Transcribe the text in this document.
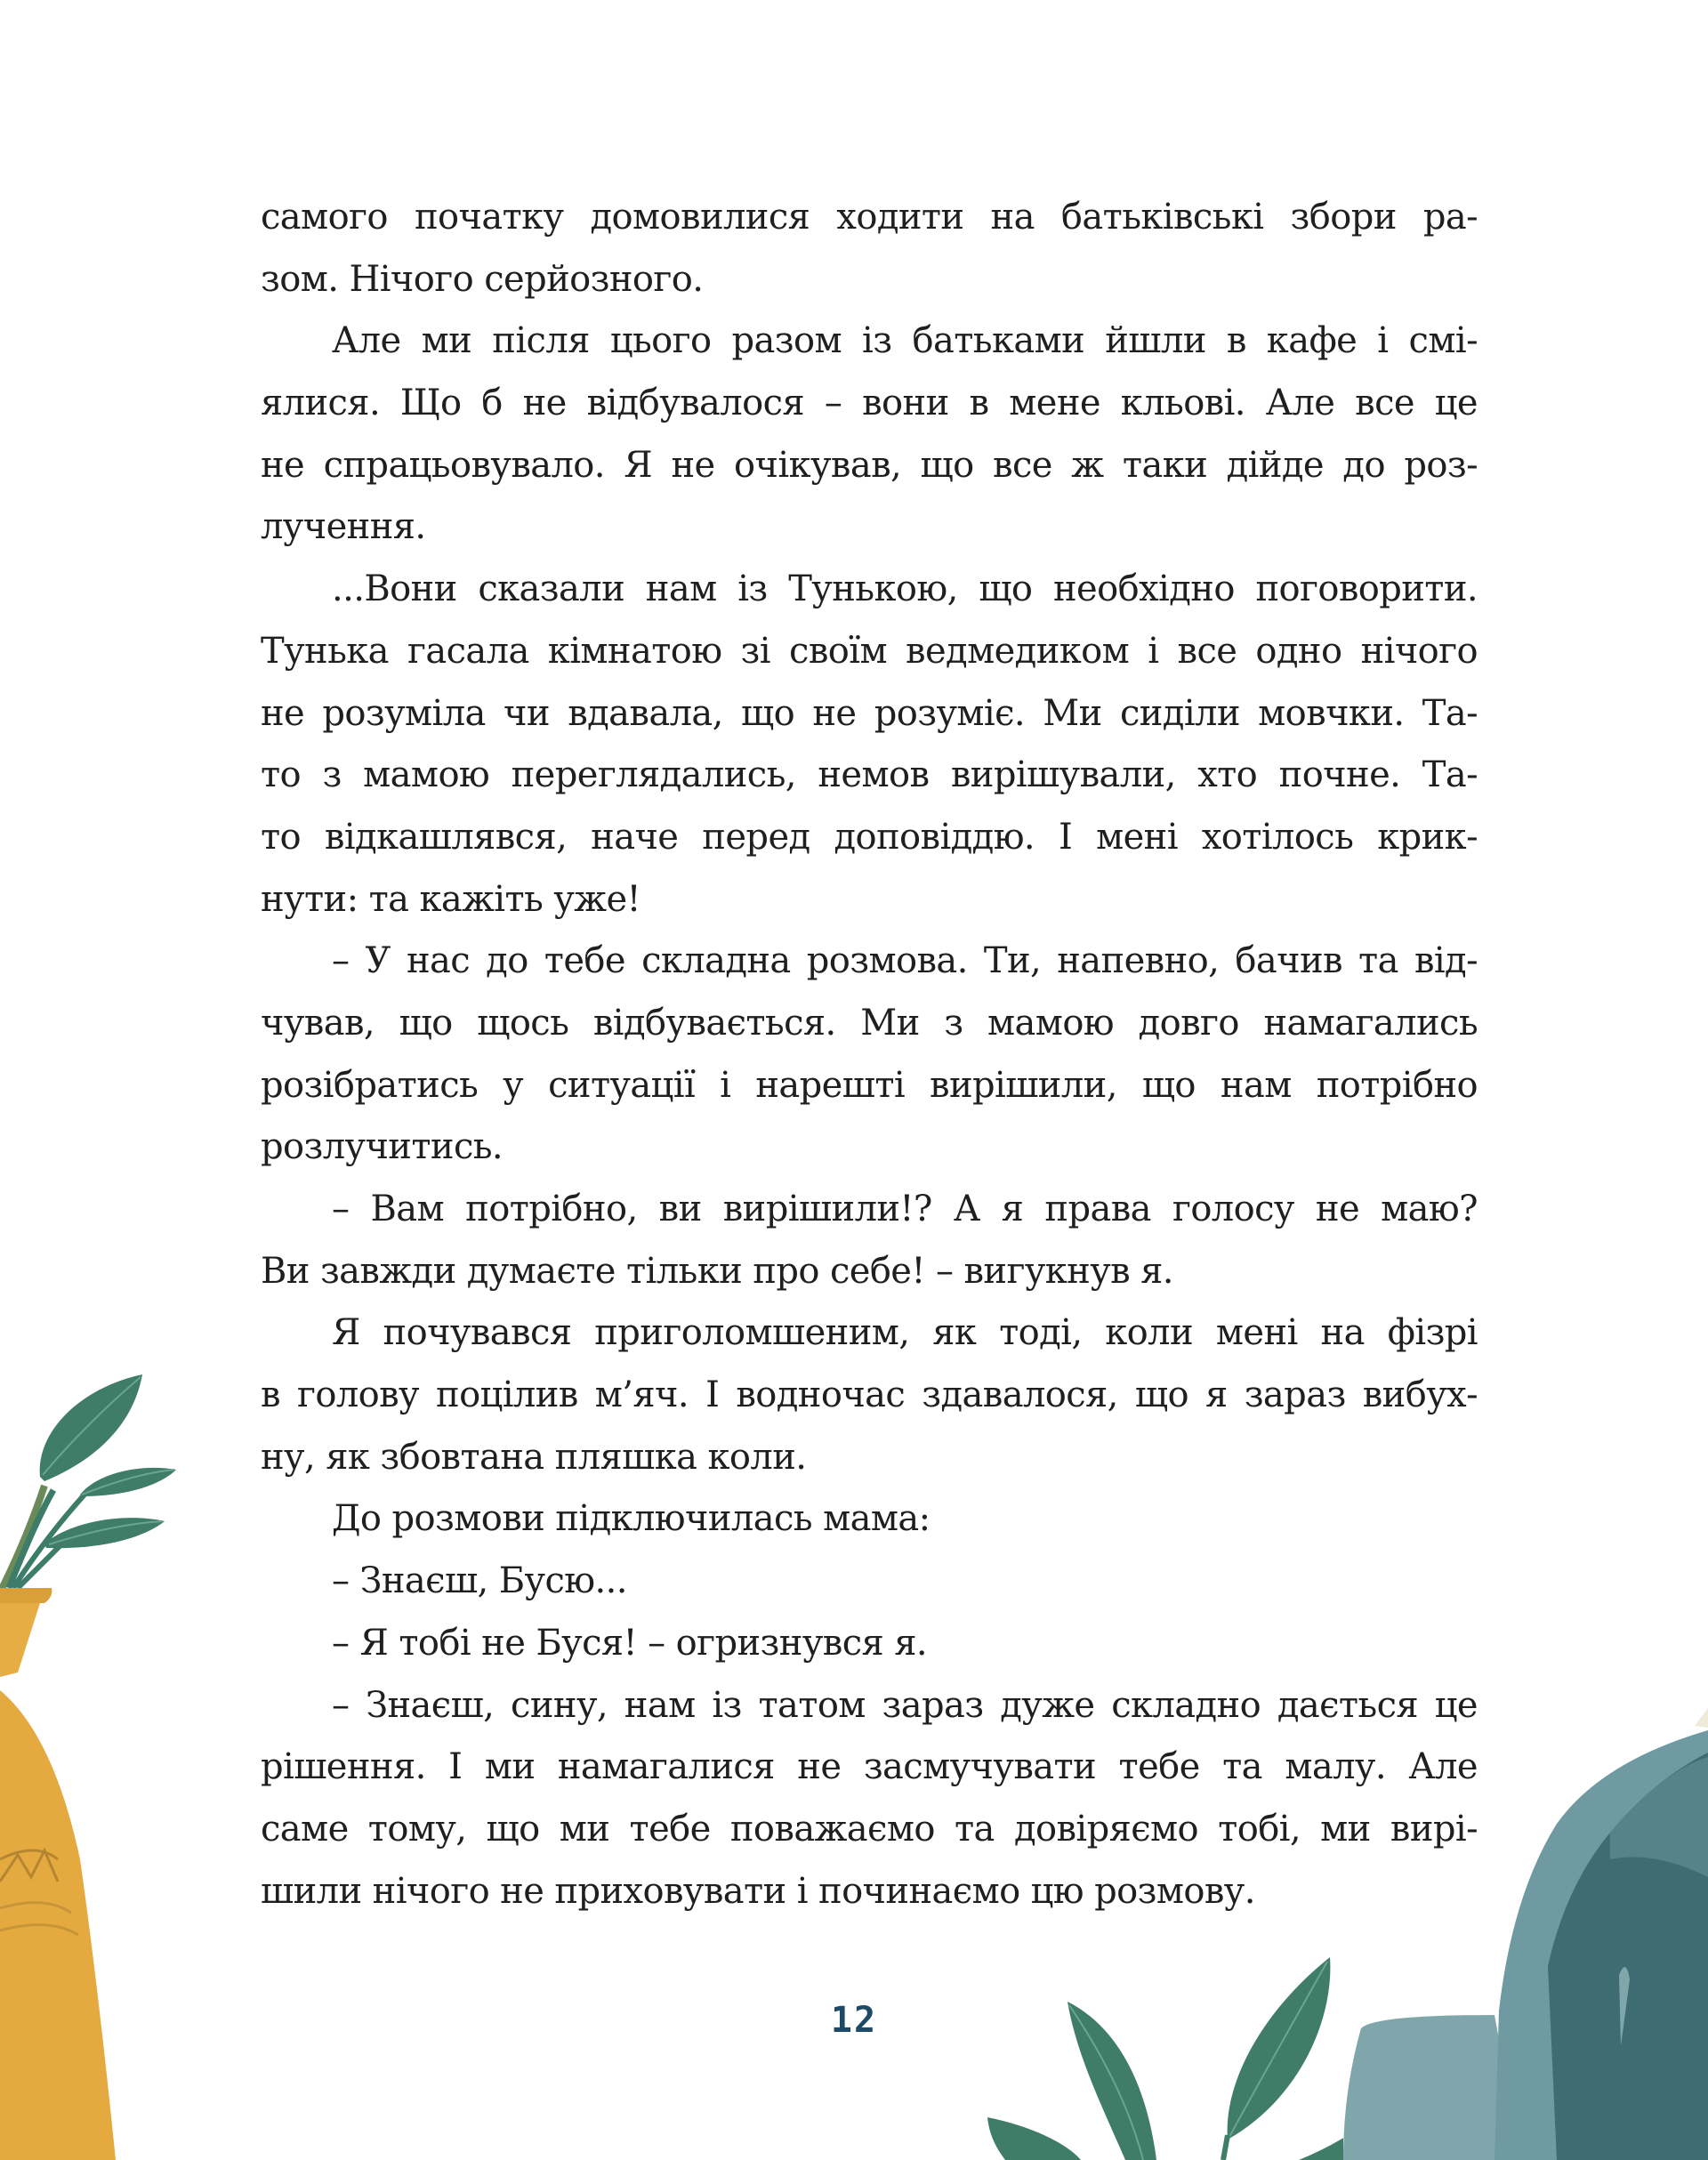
самого початку домовилися ходити на батьківські збори ра-
зом. Нічого серйозного.
Але ми після цього разом із батьками йшли в кафе і смі-
ялися. Що б не відбувалося – вони в мене кльові. Але все це
не спрацьовувало. Я не очікував, що все ж таки дійде до роз-
лучення.
...Вони сказали нам із Тунькою, що необхідно поговорити.
Тунька гасала кімнатою зі своїм ведмедиком і все одно нічого
не розуміла чи вдавала, що не розуміє. Ми сиділи мовчки. Та-
то з мамою переглядались, немов вирішували, хто почне. Та-
то відкашлявся, наче перед доповіддю. І мені хотілось крик-
нути: та кажіть уже!
– У нас до тебе складна розмова. Ти, напевно, бачив та від-
чував, що щось відбувається. Ми з мамою довго намагались
розібратись у ситуації і нарешті вирішили, що нам потрібно
розлучитись.
– Вам потрібно, ви вирішили!? А я права голосу не маю?
Ви завжди думаєте тільки про себе! – вигукнув я.
Я почувався приголомшеним, як тоді, коли мені на фізрі
в голову поцілив м’яч. І водночас здавалося, що я зараз вибух-
ну, як збовтана пляшка коли.
До розмови підключилась мама:
– Знаєш, Бусю...
– Я тобі не Буся! – огризнувся я.
– Знаєш, сину, нам із татом зараз дуже складно дається це
рішення. І ми намагалися не засмучувати тебе та малу. Але
саме тому, що ми тебе поважаємо та довіряємо тобі, ми вирі-
шили нічого не приховувати і починаємо цю розмову.
12
